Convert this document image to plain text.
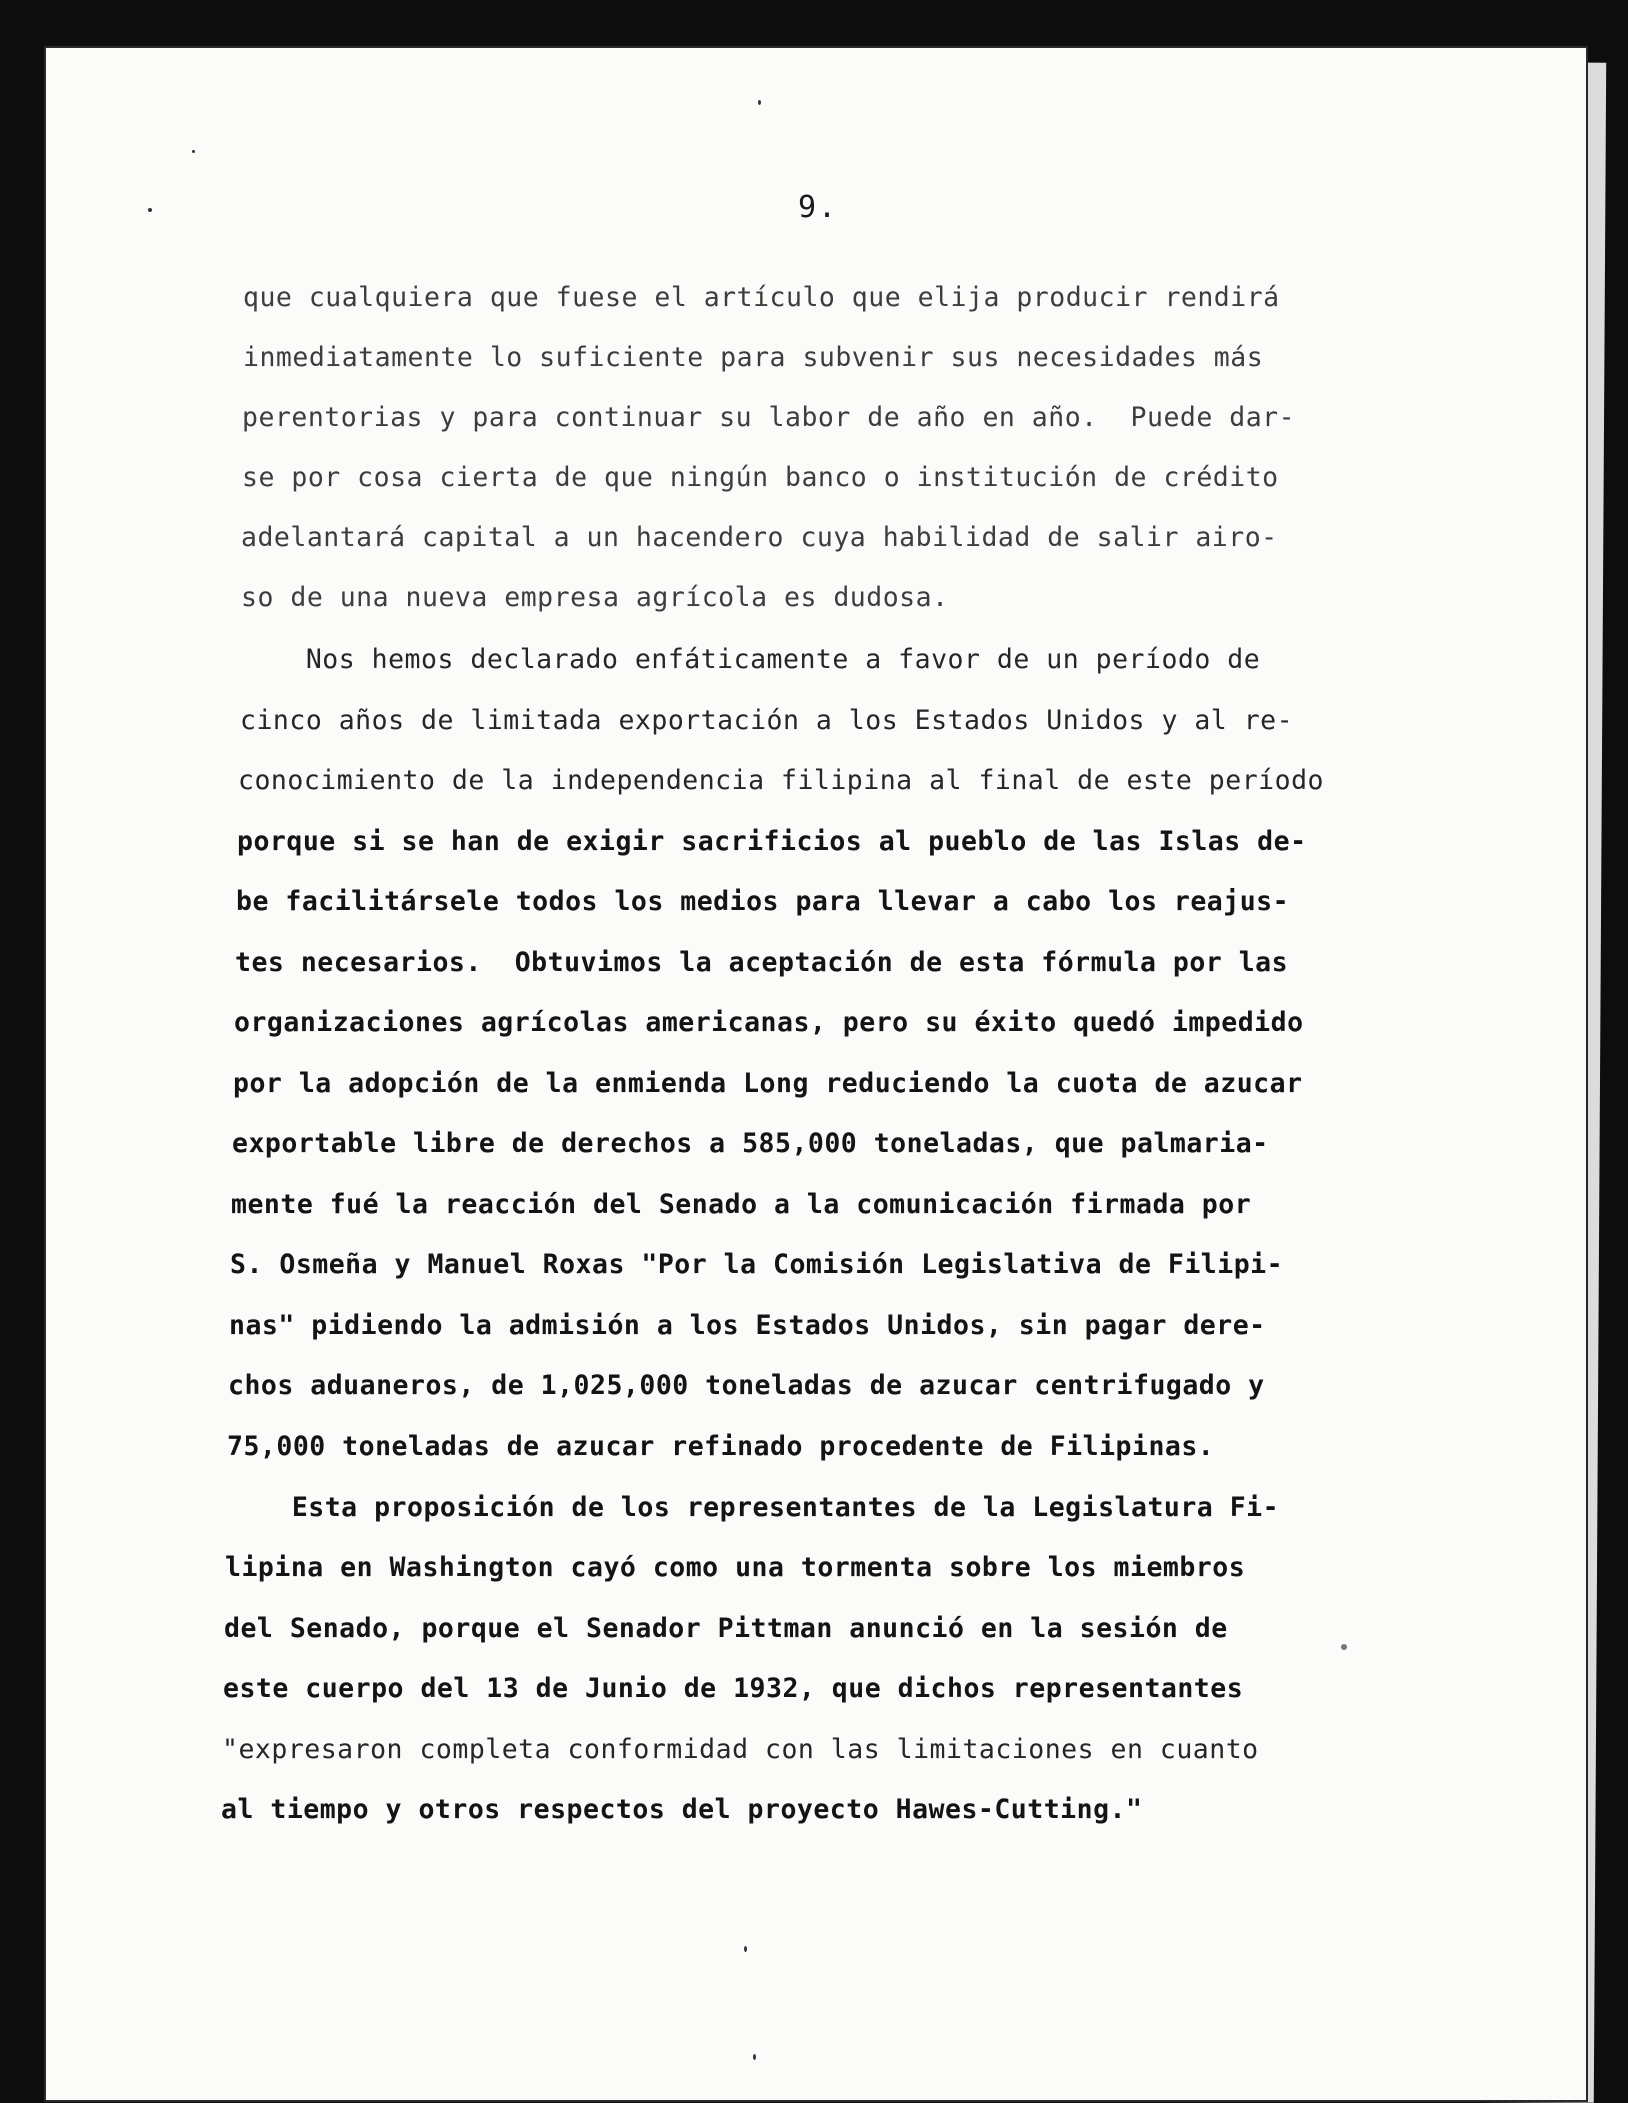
9.
que cualquiera que fuese el artículo que elija producir rendirá
inmediatamente lo suficiente para subvenir sus necesidades más
perentorias y para continuar su labor de año en año.  Puede dar-
se por cosa cierta de que ningún banco o institución de crédito
adelantará capital a un hacendero cuya habilidad de salir airo-
so de una nueva empresa agrícola es dudosa.
Nos hemos declarado enfáticamente a favor de un período de
cinco años de limitada exportación a los Estados Unidos y al re-
conocimiento de la independencia filipina al final de este período
porque si se han de exigir sacrificios al pueblo de las Islas de-
be facilitársele todos los medios para llevar a cabo los reajus-
tes necesarios.  Obtuvimos la aceptación de esta fórmula por las
organizaciones agrícolas americanas, pero su éxito quedó impedido
por la adopción de la enmienda Long reduciendo la cuota de azucar
exportable libre de derechos a 585,000 toneladas, que palmaria-
mente fué la reacción del Senado a la comunicación firmada por
S. Osmeña y Manuel Roxas "Por la Comisión Legislativa de Filipi-
nas" pidiendo la admisión a los Estados Unidos, sin pagar dere-
chos aduaneros, de 1,025,000 toneladas de azucar centrifugado y
75,000 toneladas de azucar refinado procedente de Filipinas.
Esta proposición de los representantes de la Legislatura Fi-
lipina en Washington cayó como una tormenta sobre los miembros
del Senado, porque el Senador Pittman anunció en la sesión de
este cuerpo del 13 de Junio de 1932, que dichos representantes
"expresaron completa conformidad con las limitaciones en cuanto
al tiempo y otros respectos del proyecto Hawes-Cutting."
